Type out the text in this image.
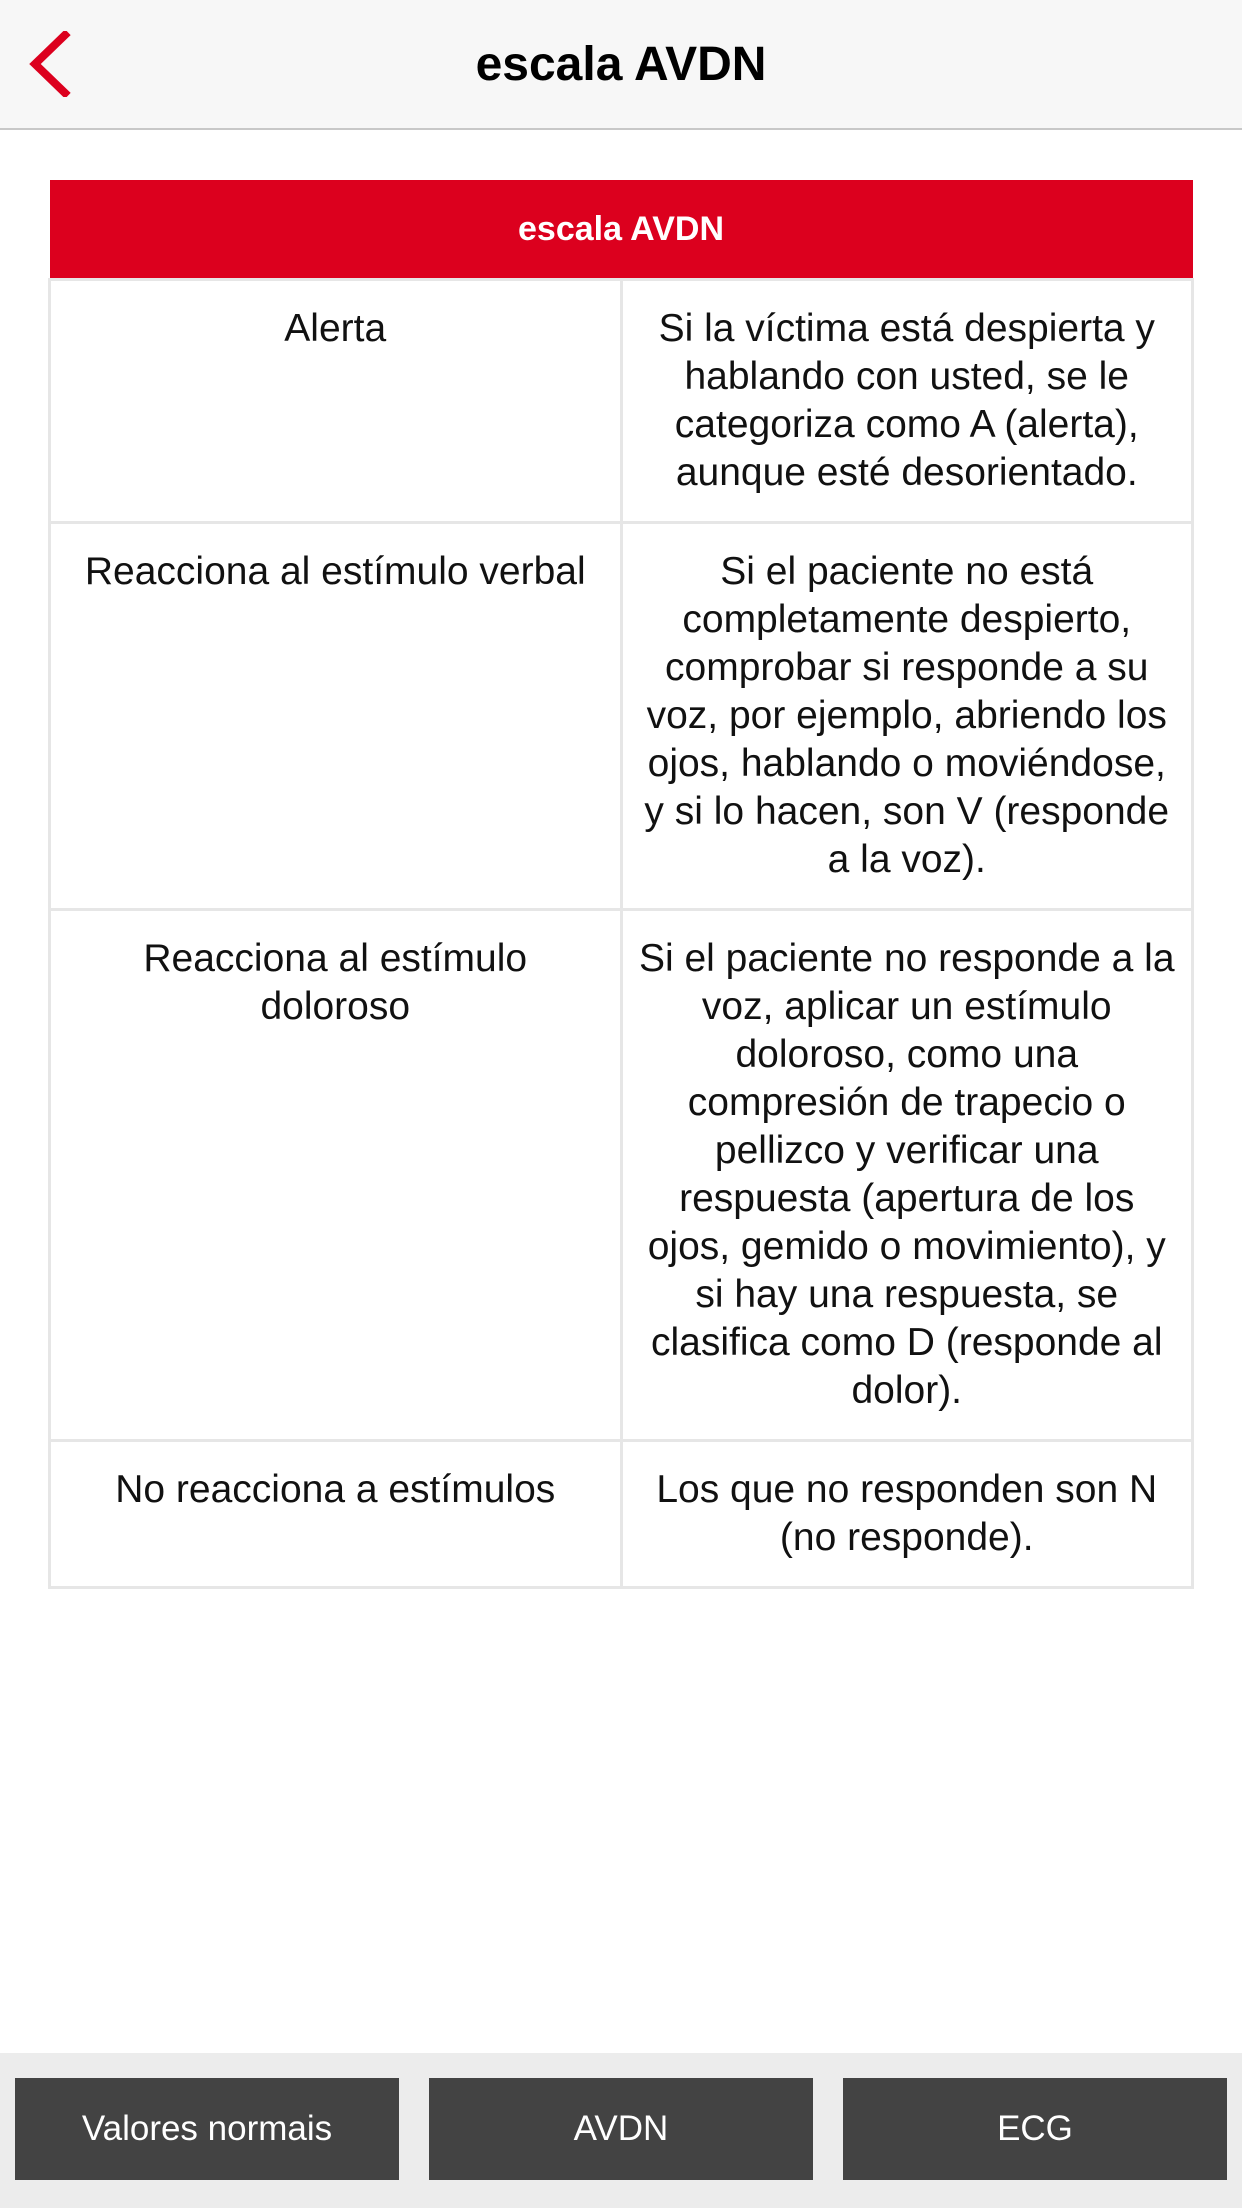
escala AVDN
escala AVDN	
Alerta	Si la víctima está despierta y hablando con usted, se le categoriza como A (alerta), aunque esté desorientado.
Reacciona al estímulo verbal	Si el paciente no está completamente despierto, comprobar si responde a su voz, por ejemplo, abriendo los ojos, hablando o moviéndose, y si lo hacen, son V (responde a la voz).
Reacciona al estímulo doloroso	Si el paciente no responde a la voz, aplicar un estímulo doloroso, como una compresión de trapecio o pellizco y verificar una respuesta (apertura de los ojos, gemido o movimiento), y si hay una respuesta, se clasifica como D (responde al dolor).
No reacciona a estímulos	Los que no responden son N (no responde).
Valores normais	AVDN	ECG
